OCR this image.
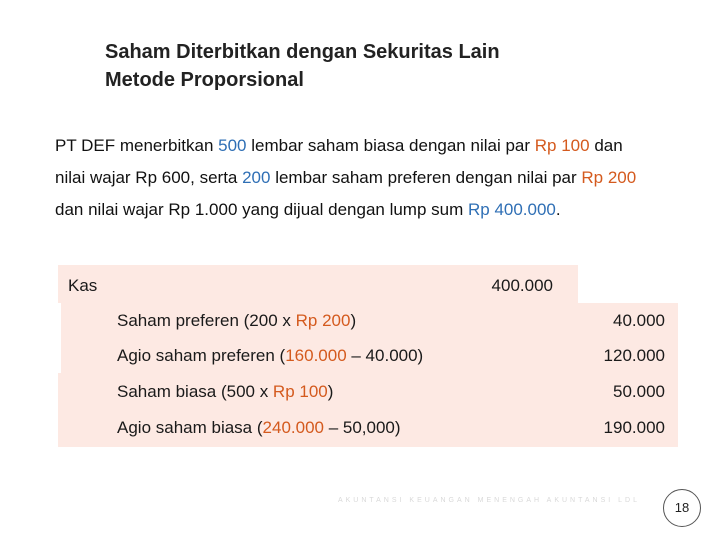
Saham Diterbitkan dengan Sekuritas Lain
Metode Proporsional
PT DEF menerbitkan 500 lembar saham biasa dengan nilai par Rp 100 dan nilai wajar Rp 600, serta 200 lembar saham preferen dengan nilai par Rp 200 dan nilai wajar Rp 1.000 yang dijual dengan lump sum Rp 400.000.
Kas	400.000
Saham preferen (200 x Rp 200)	40.000
Agio saham preferen (160.000 – 40.000)	120.000
Saham biasa (500 x Rp 100)	50.000
Agio saham biasa (240.000 – 50,000)	190.000
AKUNTANSI KEUANGAN MENENGAH AKUNTANSI LDL	18
